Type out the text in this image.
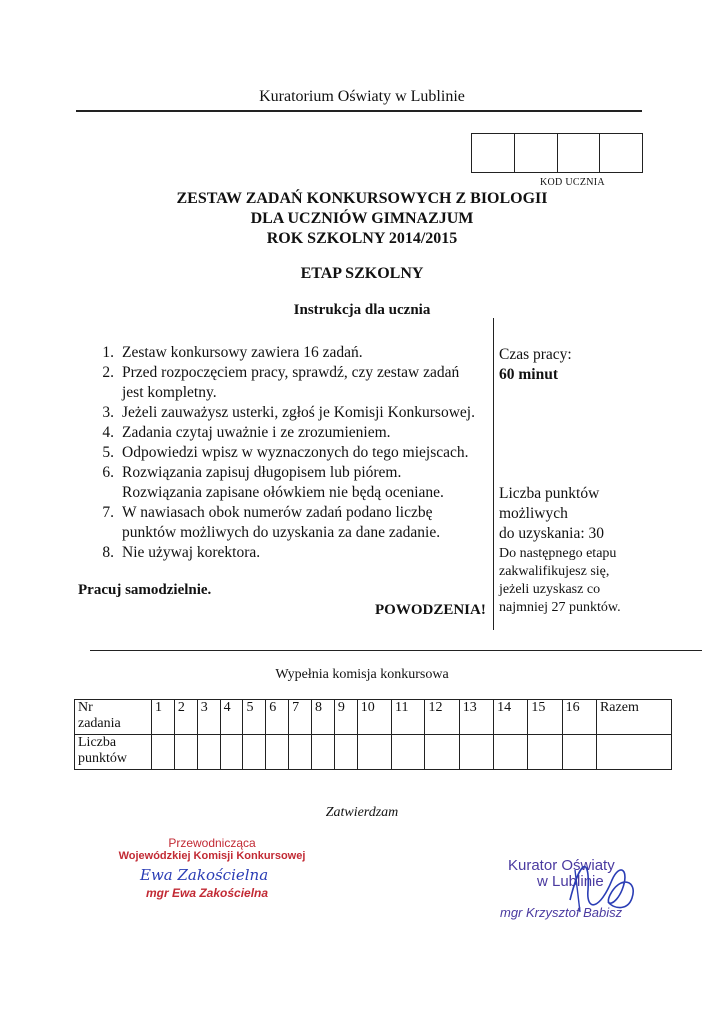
Kuratorium Oświaty w Lublinie
KOD UCZNIA
ZESTAW ZADAŃ KONKURSOWYCH Z BIOLOGII
DLA UCZNIÓW GIMNAZJUM
ROK SZKOLNY 2014/2015
ETAP SZKOLNY
Instrukcja dla ucznia
1. Zestaw konkursowy zawiera 16 zadań.
2. Przed rozpoczęciem pracy, sprawdź, czy zestaw zadań
jest kompletny.
3. Jeżeli zauważysz usterki, zgłoś je Komisji Konkursowej.
4. Zadania czytaj uważnie i ze zrozumieniem.
5. Odpowiedzi wpisz w wyznaczonych do tego miejscach.
6. Rozwiązania zapisuj długopisem lub piórem.
Rozwiązania zapisane ołówkiem nie będą oceniane.
7. W nawiasach obok numerów zadań podano liczbę
punktów możliwych do uzyskania za dane zadanie.
8. Nie używaj korektora.
Pracuj samodzielnie.
POWODZENIA!
Czas pracy:
60 minut
Liczba punktów
możliwych
do uzyskania: 30
Do następnego etapu
zakwalifikujesz się,
jeżeli uzyskasz co
najmniej 27 punktów.
Wypełnia komisja konkursowa
Nr
zadania	1	2	3	4	5	6	7	8	9	10	11	12	13	14	15	16	Razem
Liczba
punktów																	
Zatwierdzam
Przewodnicząca
Wojewódzkiej Komisji Konkursowej
Ewa Zakościelna
mgr Ewa Zakościelna
Kurator Oświaty
w Lublinie
mgr Krzysztof Babisz
